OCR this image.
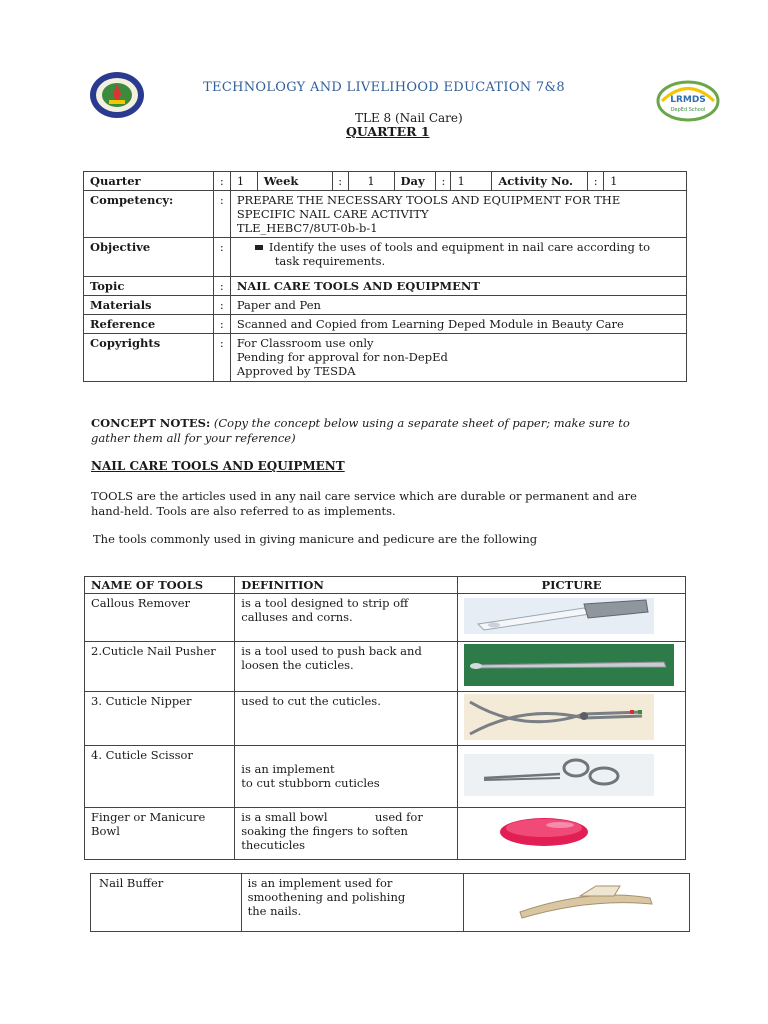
TECHNOLOGY AND LIVELIHOOD EDUCATION 7&8
LRMDS
DepEd School
TLE 8 (Nail Care)
QUARTER 1
Quarter	:	1	Week	:	1	Day	:	1	Activity No.	:	1
Competency:	:	PREPARE THE NECESSARY TOOLS AND EQUIPMENT FOR THE
SPECIFIC NAIL CARE ACTIVITY
TLE_HEBC7/8UT-0b-b-1									

Objective	:	Identify the uses of tools and equipment in nail care according to
task requirements.									

Topic	:	NAIL CARE TOOLS AND EQUIPMENT									
Materials	:	Paper and Pen									
Reference	:	Scanned and Copied from Learning Deped Module in Beauty Care									
Copyrights	:	For Classroom use only
Pending for approval for non-DepEd
Approved by TESDA									
CONCEPT NOTES: (Copy the concept below using a separate sheet of paper; make sure to gather them all for your reference)
NAIL CARE TOOLS AND EQUIPMENT
TOOLS are the articles used in any nail care service which are durable or permanent and are hand-held. Tools are also referred to as implements.
The tools commonly used in giving manicure and pedicure are the following
NAME OF TOOLS	DEFINITION	PICTURE
Callous Remover	is a tool designed to strip off
calluses and corns.

2.Cuticle Nail Pusher	is a tool used to push back and
loosen the cuticles.

3. Cuticle Nipper	used to cut the cuticles.

4. Cuticle Scissor	is an implement
to cut stubborn cuticles

Finger or Manicure Bowl	is a small bowl             used for
soaking the fingers to soften
thecuticles

Nail Buffer	is an implement used for
smoothening and polishing
the nails.
